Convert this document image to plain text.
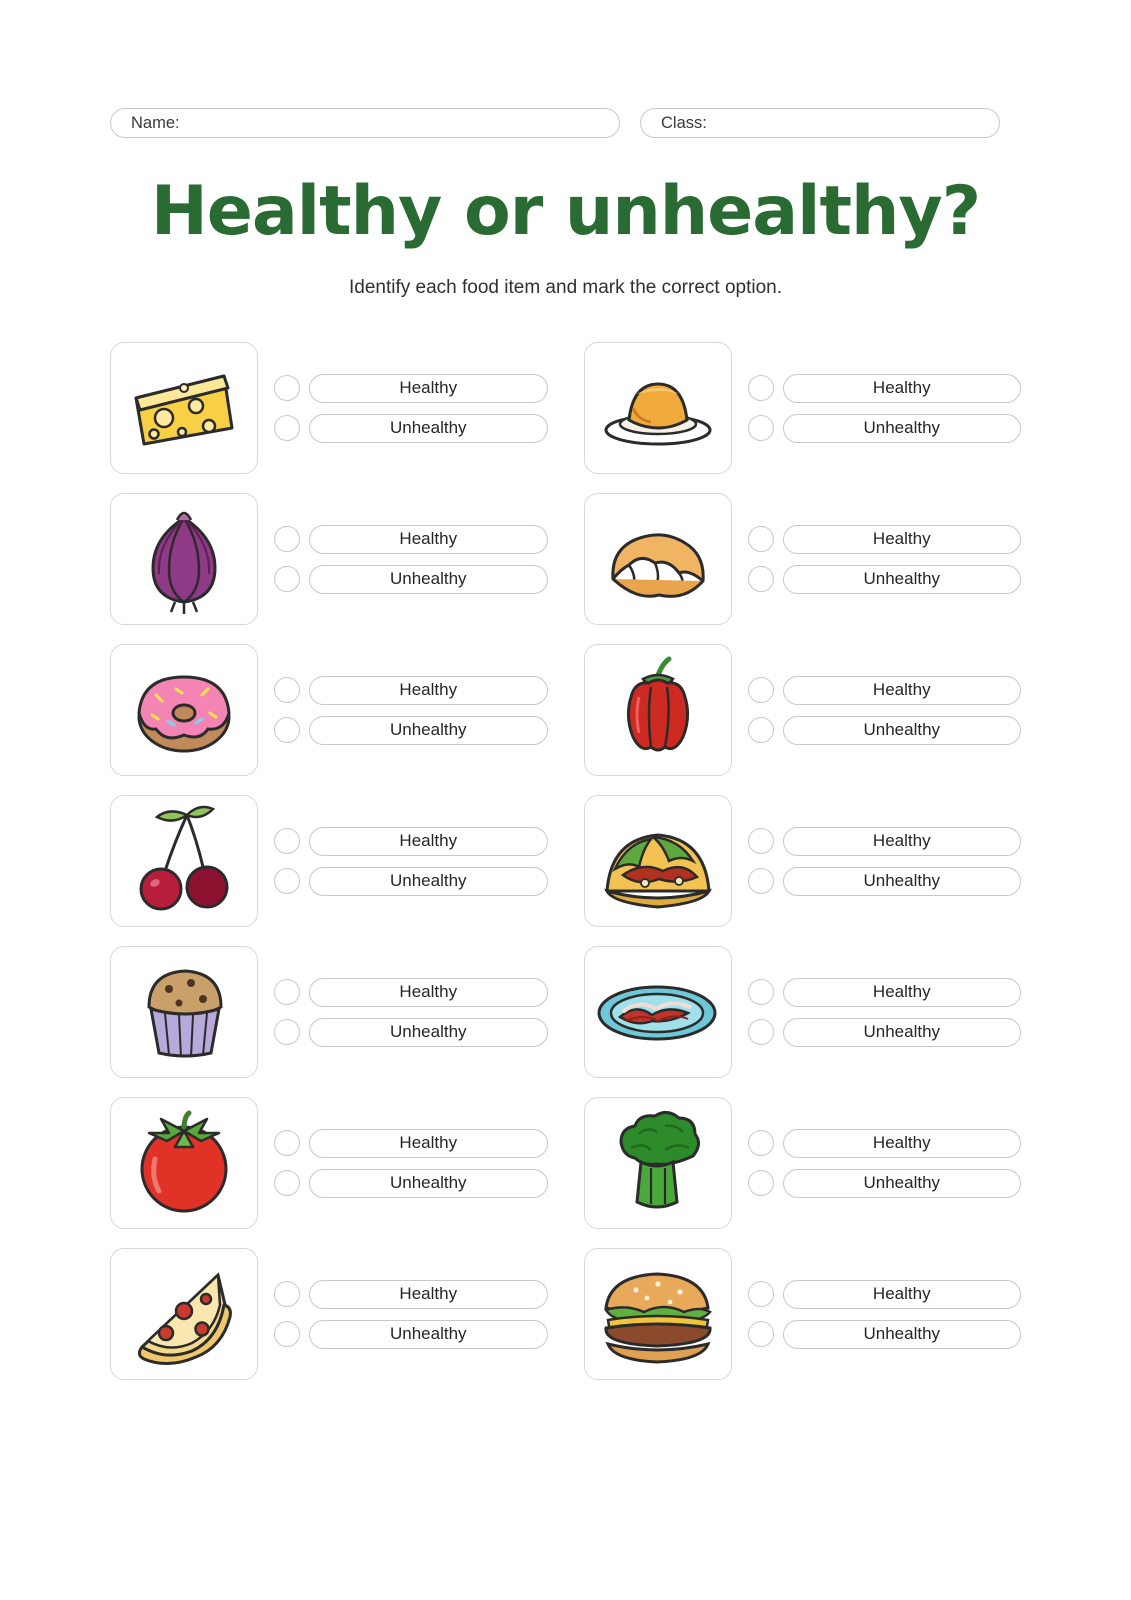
Name:	Class:
Healthy or unhealthy?
Identify each food item and mark the correct option.
Healthy
Unhealthy
Healthy
Unhealthy
Healthy
Unhealthy
Healthy
Unhealthy
Healthy
Unhealthy
Healthy
Unhealthy
Healthy
Unhealthy
Healthy
Unhealthy
Healthy
Unhealthy
Healthy
Unhealthy
Healthy
Unhealthy
Healthy
Unhealthy
Healthy
Unhealthy
Healthy
Unhealthy
